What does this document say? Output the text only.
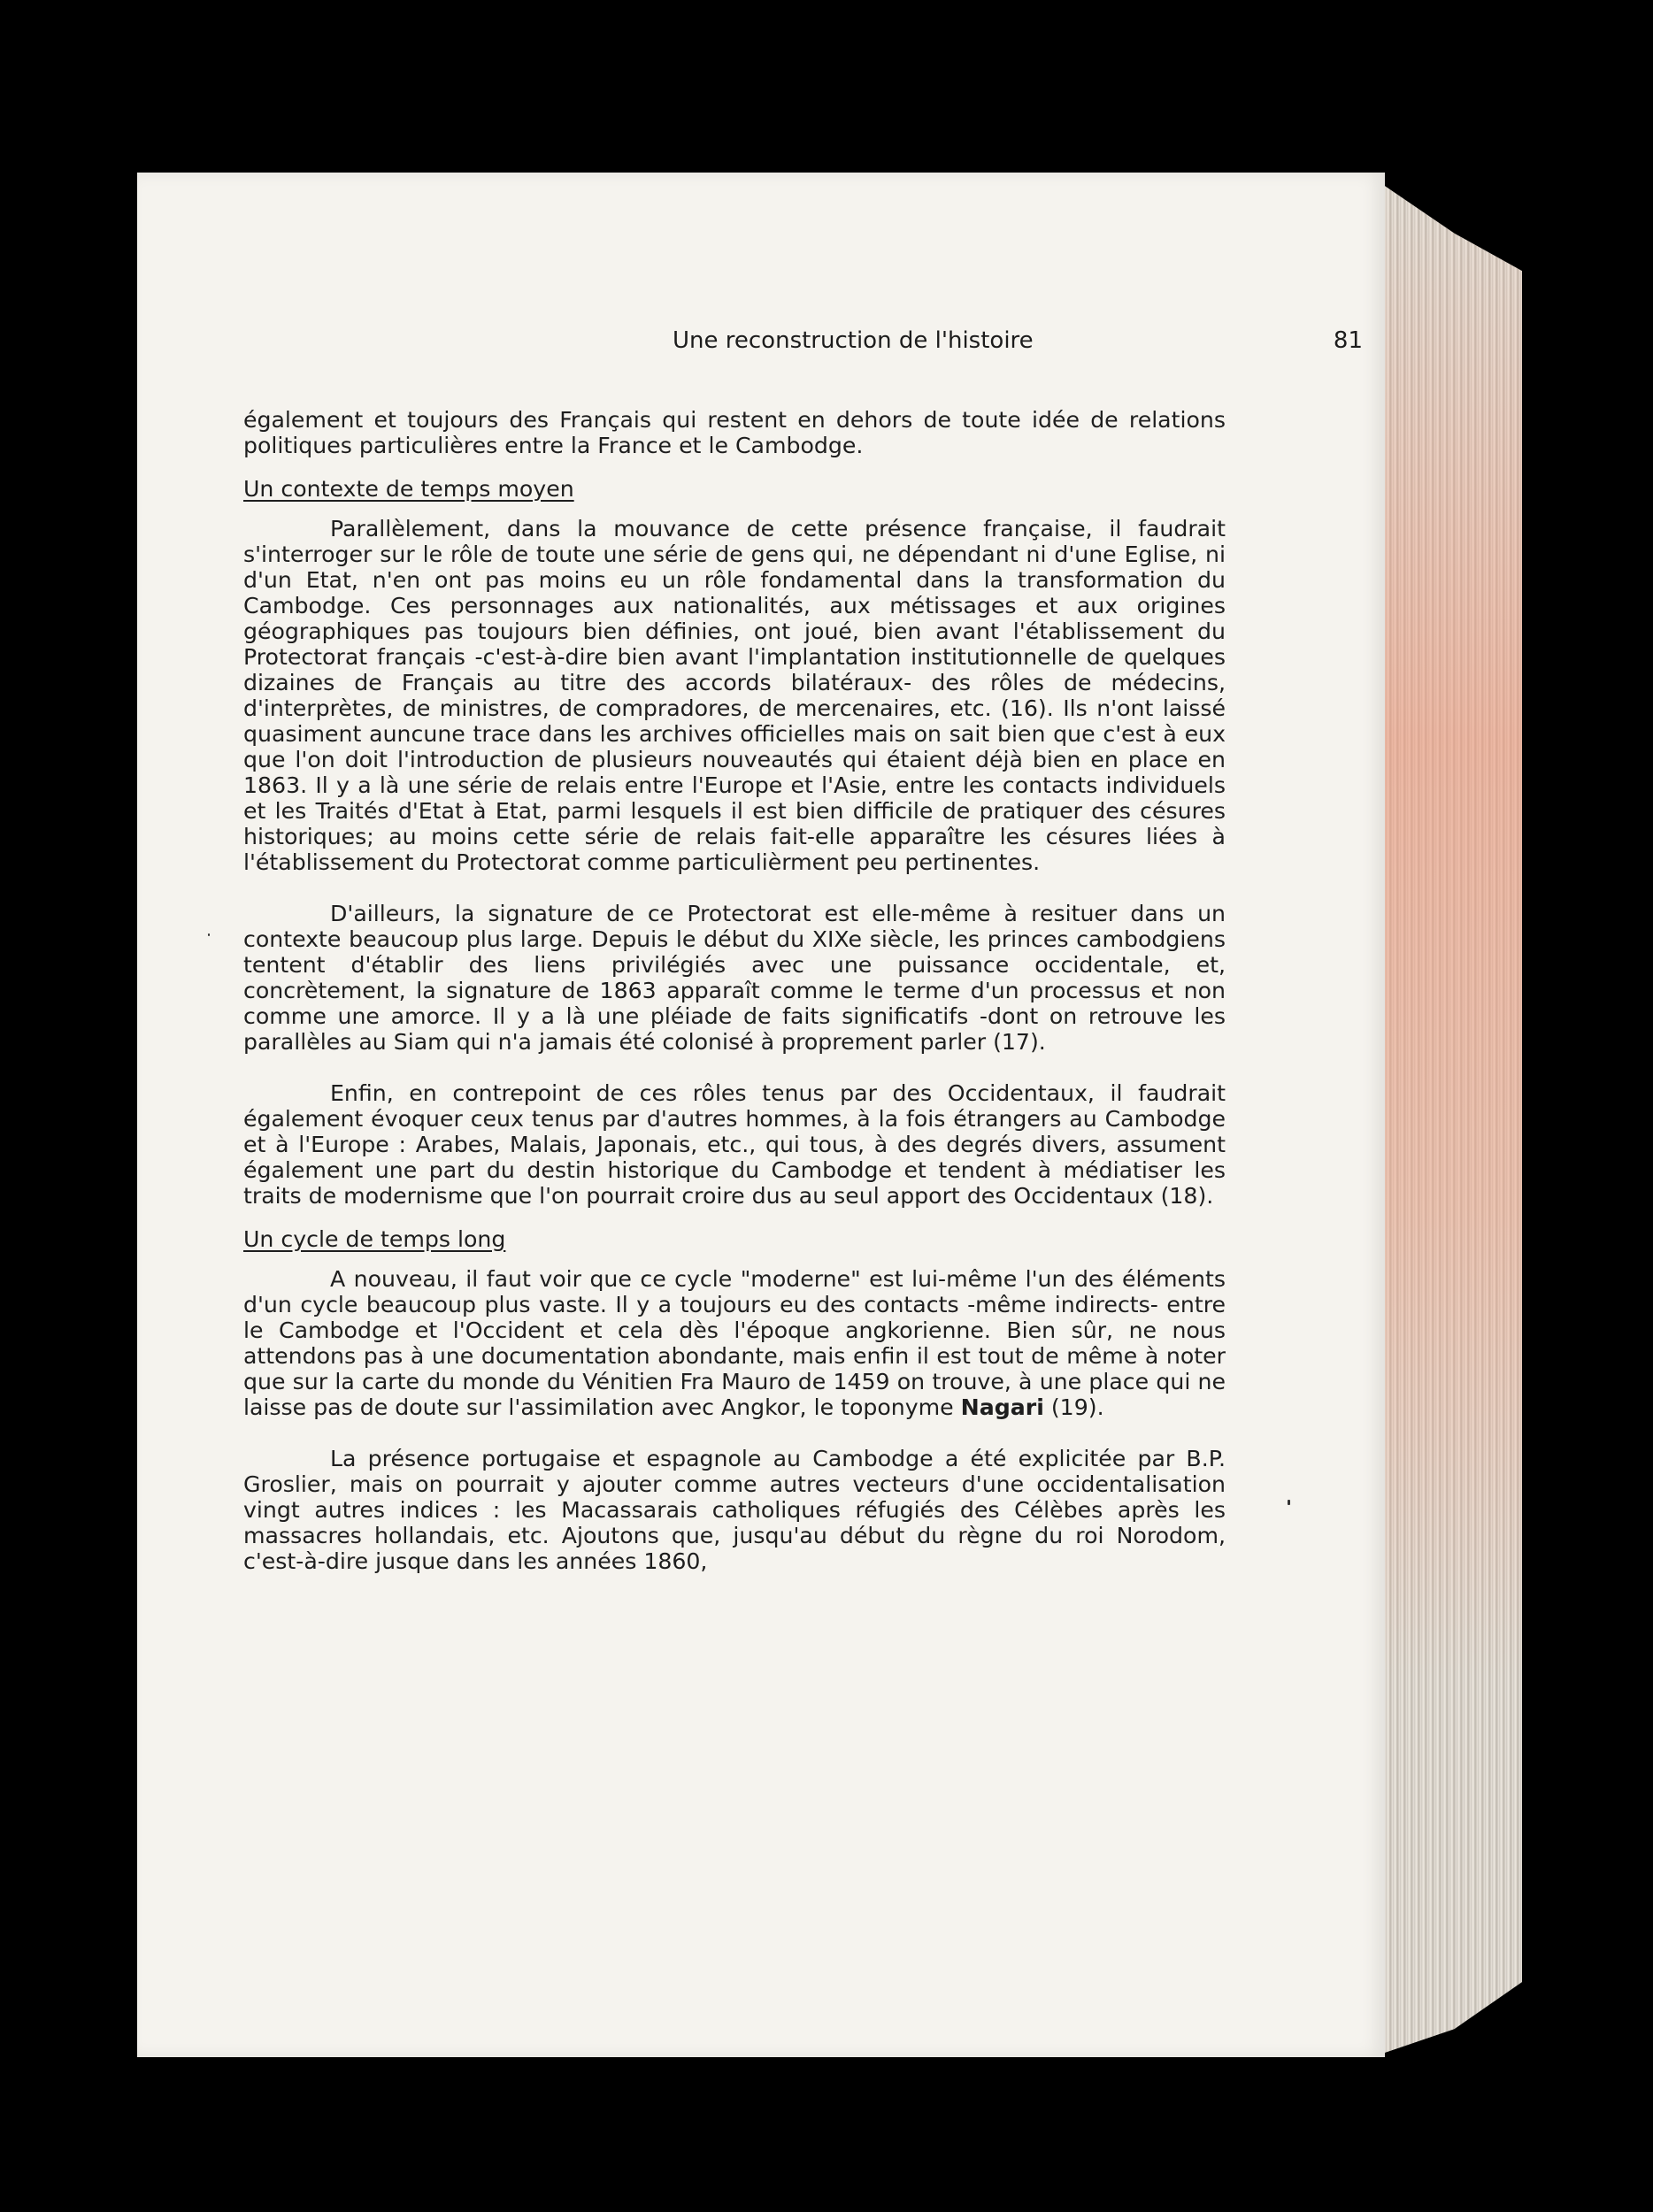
Une reconstruction de l'histoire	81

également et toujours des Français qui restent en dehors de toute idée de relations politiques particulières entre la France et le Cambodge.

Un contexte de temps moyen

Parallèlement, dans la mouvance de cette présence française, il faudrait s'interroger sur le rôle de toute une série de gens qui, ne dépendant ni d'une Eglise, ni d'un Etat, n'en ont pas moins eu un rôle fondamental dans la transformation du Cambodge. Ces personnages aux nationalités, aux métissages et aux origines géographiques pas toujours bien définies, ont joué, bien avant l'établissement du Protectorat français -c'est-à-dire bien avant l'implantation institutionnelle de quelques dizaines de Français au titre des accords bilatéraux- des rôles de médecins, d'interprètes, de ministres, de compradores, de mercenaires, etc. (16). Ils n'ont laissé quasiment auncune trace dans les archives officielles mais on sait bien que c'est à eux que l'on doit l'introduction de plusieurs nouveautés qui étaient déjà bien en place en 1863. Il y a là une série de relais entre l'Europe et l'Asie, entre les contacts individuels et les Traités d'Etat à Etat, parmi lesquels il est bien difficile de pratiquer des césures historiques; au moins cette série de relais fait-elle apparaître les césures liées à l'établissement du Protectorat comme particulièrment peu pertinentes.

D'ailleurs, la signature de ce Protectorat est elle-même à resituer dans un contexte beaucoup plus large. Depuis le début du XIXe siècle, les princes cambodgiens tentent d'établir des liens privilégiés avec une puissance occidentale, et, concrètement, la signature de 1863 apparaît comme le terme d'un processus et non comme une amorce. Il y a là une pléiade de faits significatifs -dont on retrouve les parallèles au Siam qui n'a jamais été colonisé à proprement parler (17).

Enfin, en contrepoint de ces rôles tenus par des Occidentaux, il faudrait également évoquer ceux tenus par d'autres hommes, à la fois étrangers au Cambodge et à l'Europe : Arabes, Malais, Japonais, etc., qui tous, à des degrés divers, assument également une part du destin historique du Cambodge et tendent à médiatiser les traits de modernisme que l'on pourrait croire dus au seul apport des Occidentaux (18).

Un cycle de temps long

A nouveau, il faut voir que ce cycle "moderne" est lui-même l'un des éléments d'un cycle beaucoup plus vaste. Il y a toujours eu des contacts -même indirects- entre le Cambodge et l'Occident et cela dès l'époque angkorienne. Bien sûr, ne nous attendons pas à une documentation abondante, mais enfin il est tout de même à noter que sur la carte du monde du Vénitien Fra Mauro de 1459 on trouve, à une place qui ne laisse pas de doute sur l'assimilation avec Angkor, le toponyme Nagari (19).

La présence portugaise et espagnole au Cambodge a été explicitée par B.P. Groslier, mais on pourrait y ajouter comme autres vecteurs d'une occidentalisation vingt autres indices : les Macassarais catholiques réfugiés des Célèbes après les massacres hollandais, etc. Ajoutons que, jusqu'au début du règne du roi Norodom, c'est-à-dire jusque dans les années 1860,
